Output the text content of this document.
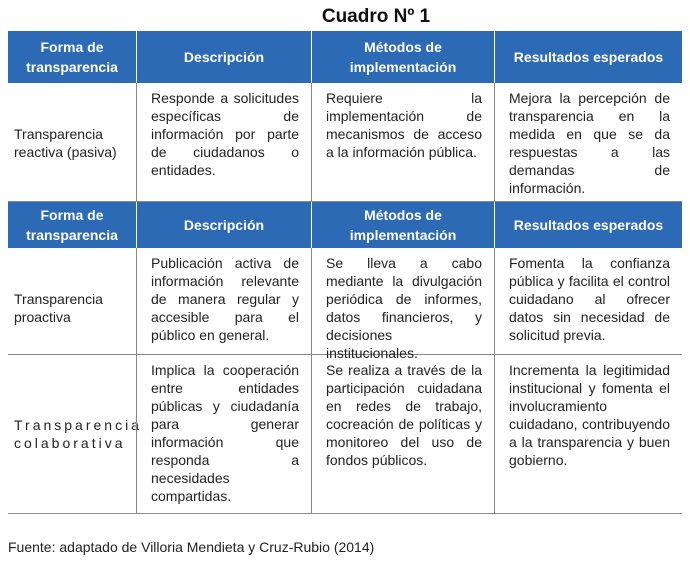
Cuadro Nº 1
Forma de transparencia
Descripción
Métodos de implementación
Resultados esperados
Transparencia reactiva (pasiva)
Responde a solicitudes específicas de información por parte de ciudadanos o entidades.
Requiere la implementación de mecanismos de acceso a la información pública.
Mejora la percepción de transparencia en la medida en que se da respuestas a las demandas de información.
Forma de transparencia
Descripción
Métodos de implementación
Resultados esperados
Transparencia proactiva
Publicación activa de información relevante de manera regular y accesible para el público en general.
Se lleva a cabo mediante la divulgación periódica de informes, datos financieros, y decisiones institucionales.
Fomenta la confianza pública y facilita el control cuidadano al ofrecer datos sin necesidad de solicitud previa.
Transparencia colaborativa
Implica la cooperación entre entidades públicas y ciudadanía para generar información que responda a necesidades compartidas.
Se realiza a través de la participación cuidadana en redes de trabajo, cocreación de políticas y monitoreo del uso de fondos públicos.
Incrementa la legitimidad institucional y fomenta el involucramiento cuidadano, contribuyendo a la transparencia y buen gobierno.
Fuente: adaptado de Villoria Mendieta y Cruz-Rubio (2014)
